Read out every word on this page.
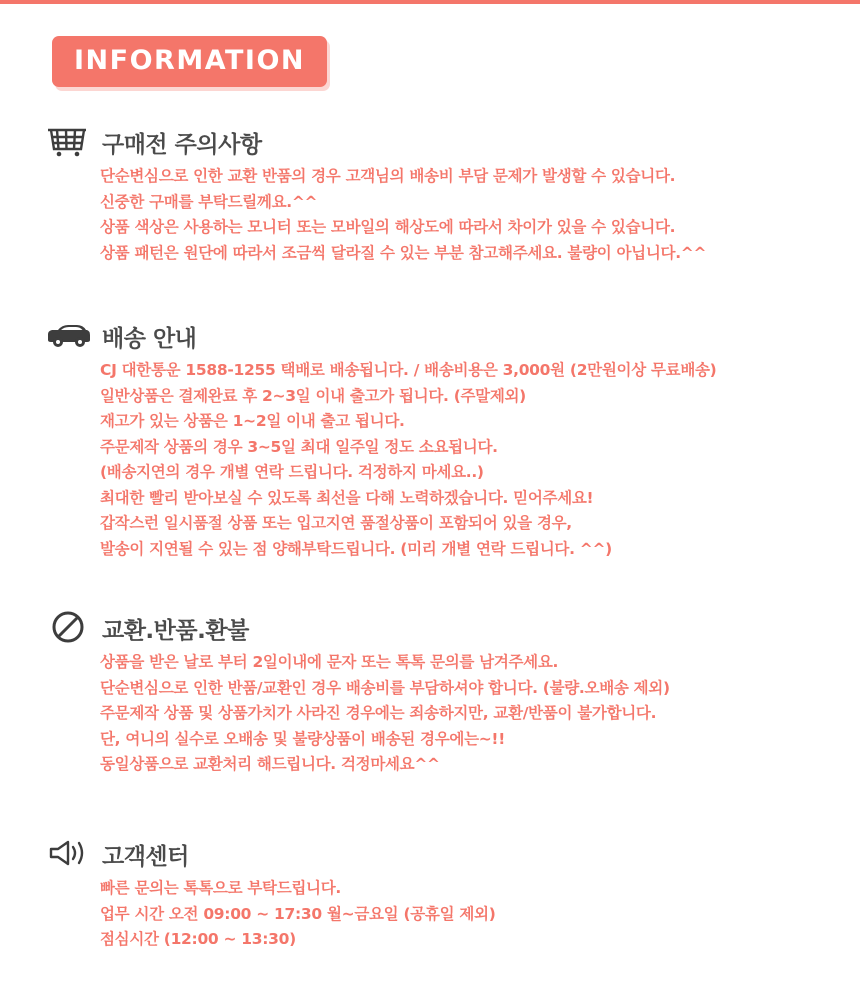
INFORMATION
구매전 주의사항
단순변심으로 인한 교환 반품의 경우 고객님의 배송비 부담 문제가 발생할 수 있습니다.
신중한 구매를 부탁드릴께요.^^
상품 색상은 사용하는 모니터 또는 모바일의 해상도에 따라서 차이가 있을 수 있습니다.
상품 패턴은 원단에 따라서 조금씩 달라질 수 있는 부분 참고해주세요. 불량이 아닙니다.^^
배송 안내
CJ 대한통운 1588-1255 택배로 배송됩니다. / 배송비용은 3,000원 (2만원이상 무료배송)
일반상품은 결제완료 후 2~3일 이내 출고가 됩니다. (주말제외)
재고가 있는 상품은 1~2일 이내 출고 됩니다.
주문제작 상품의 경우 3~5일 최대 일주일 정도 소요됩니다.
(배송지연의 경우 개별 연락 드립니다. 걱정하지 마세요..)
최대한 빨리 받아보실 수 있도록 최선을 다해 노력하겠습니다. 믿어주세요!
갑작스런 일시품절 상품 또는 입고지연 품절상품이 포함되어 있을 경우,
발송이 지연될 수 있는 점 양해부탁드립니다. (미리 개별 연락 드립니다. ^^)
교환.반품.환불
상품을 받은 날로 부터 2일이내에 문자 또는 톡톡 문의를 남겨주세요.
단순변심으로 인한 반품/교환인 경우 배송비를 부담하셔야 합니다. (불량.오배송 제외)
주문제작 상품 및 상품가치가 사라진 경우에는 죄송하지만, 교환/반품이 불가합니다.
단, 여니의 실수로 오배송 및 불량상품이 배송된 경우에는~!!
동일상품으로 교환처리 해드립니다. 걱정마세요^^
고객센터
빠른 문의는 톡톡으로 부탁드립니다.
업무 시간 오전 09:00 ~ 17:30 월~금요일 (공휴일 제외)
점심시간 (12:00 ~ 13:30)
